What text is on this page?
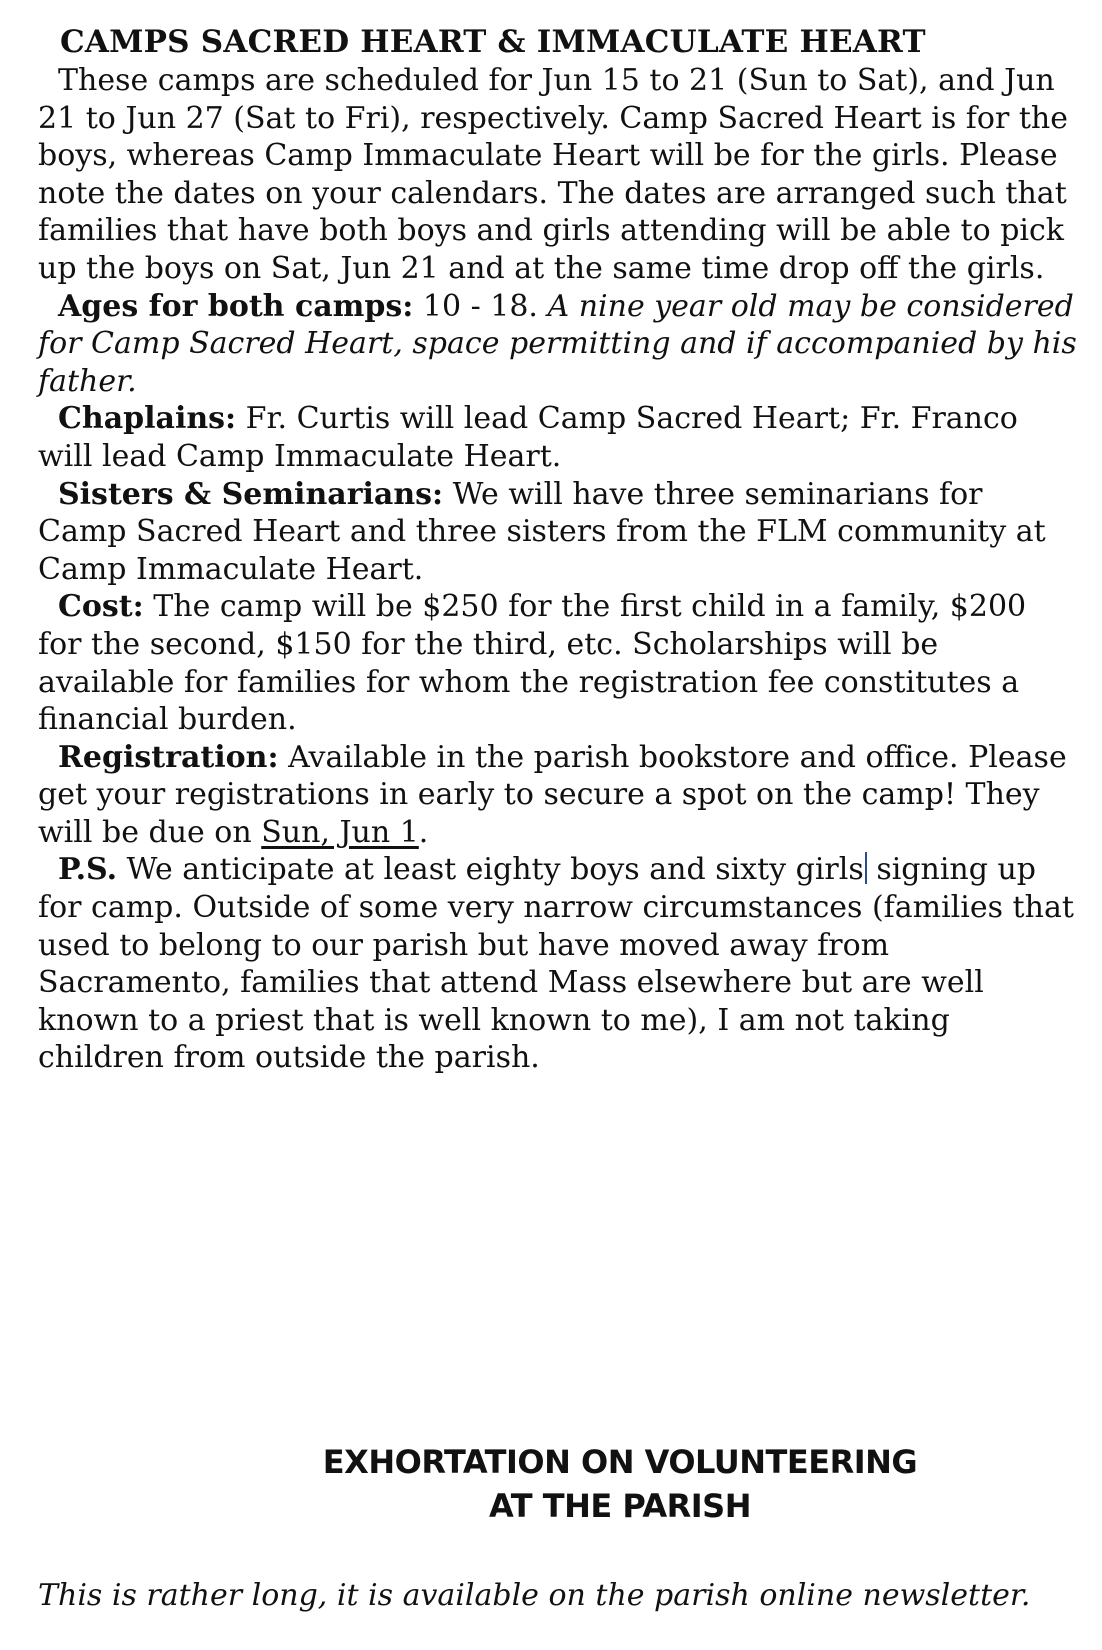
CAMPS SACRED HEART & IMMACULATE HEART

These camps are scheduled for Jun 15 to 21 (Sun to Sat), and Jun 21 to Jun 27 (Sat to Fri), respectively. Camp Sacred Heart is for the boys, whereas Camp Immaculate Heart will be for the girls. Please note the dates on your calendars. The dates are arranged such that families that have both boys and girls attending will be able to pick up the boys on Sat, Jun 21 and at the same time drop off the girls.

Ages for both camps: 10 - 18. A nine year old may be considered for Camp Sacred Heart, space permitting and if accompanied by his father.

Chaplains: Fr. Curtis will lead Camp Sacred Heart; Fr. Franco will lead Camp Immaculate Heart.

Sisters & Seminarians: We will have three seminarians for Camp Sacred Heart and three sisters from the FLM community at Camp Immaculate Heart.

Cost: The camp will be $250 for the first child in a family, $200 for the second, $150 for the third, etc. Scholarships will be available for families for whom the registration fee constitutes a financial burden.

Registration: Available in the parish bookstore and office. Please get your registrations in early to secure a spot on the camp! They will be due on Sun, Jun 1.

P.S. We anticipate at least eighty boys and sixty girls signing up for camp. Outside of some very narrow circumstances (families that used to belong to our parish but have moved away from Sacramento, families that attend Mass elsewhere but are well known to a priest that is well known to me), I am not taking children from outside the parish.

EXHORTATION ON VOLUNTEERING
AT THE PARISH
This is rather long, it is available on the parish online newsletter.
